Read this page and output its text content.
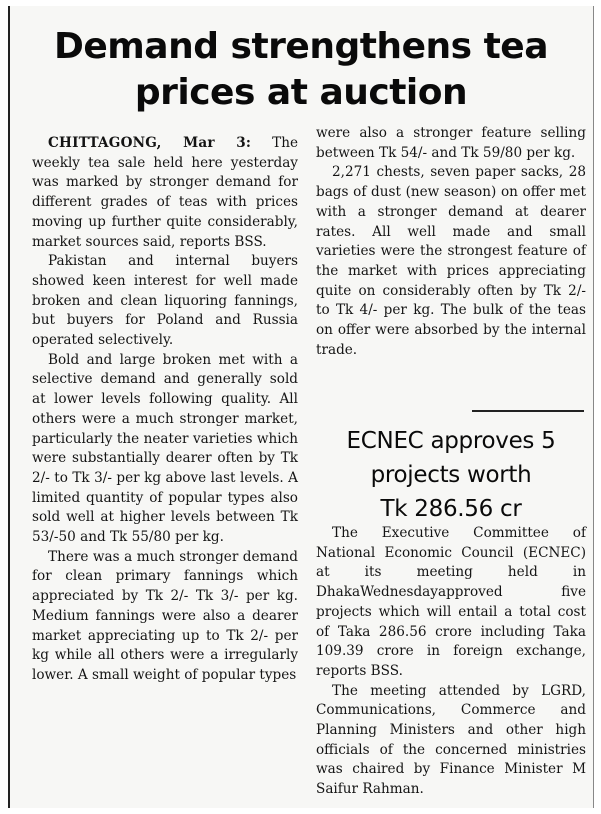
Demand strengthens tea
prices at auction

CHITTAGONG, Mar 3: The weekly tea sale held here yesterday was marked by stronger demand for different grades of teas with prices moving up further quite considerably, market sources said, reports BSS.

Pakistan and internal buyers showed keen interest for well made broken and clean liquoring fannings, but buyers for Poland and Russia operated selectively.

Bold and large broken met with a selective demand and generally sold at lower levels following quality. All others were a much stronger market, particularly the neater varieties which were substantially dearer often by Tk 2/- to Tk 3/- per kg above last levels. A limited quantity of popular types also sold well at higher levels between Tk 53/-50 and Tk 55/80 per kg.

There was a much stronger demand for clean primary fannings which appreciated by Tk 2/- Tk 3/- per kg. Medium fannings were also a dearer market appreciating up to Tk 2/- per kg while all others were a irregularly lower. A small weight of popular types

were also a stronger feature selling between Tk 54/- and Tk 59/80 per kg.

2,271 chests, seven paper sacks, 28 bags of dust (new season) on offer met with a stronger demand at dearer rates. All well made and small varieties were the strongest feature of the market with prices appreciating quite on considerably often by Tk 2/- to Tk 4/- per kg. The bulk of the teas on offer were absorbed by the internal trade.

ECNEC approves 5
projects worth
Tk 286.56 cr

The Executive Committee of National Economic Council (ECNEC) at its meeting held in DhakaWednesdayapproved five projects which will entail a total cost of Taka 286.56 crore including Taka 109.39 crore in foreign exchange, reports BSS.

The meeting attended by LGRD, Communications, Commerce and Planning Ministers and other high officials of the concerned ministries was chaired by Finance Minister M Saifur Rahman.
